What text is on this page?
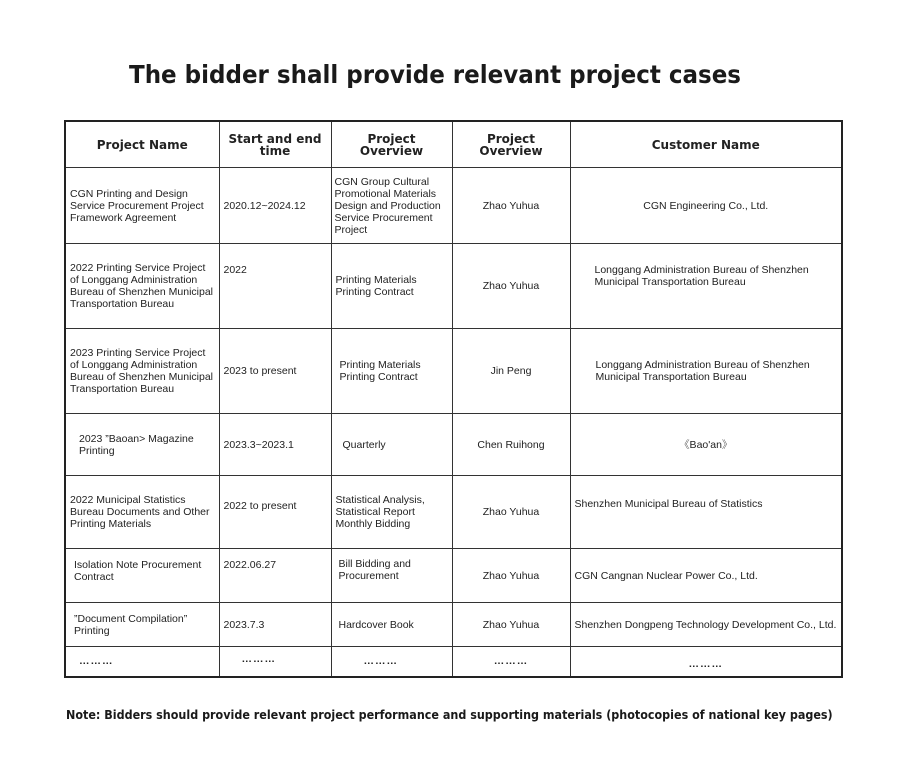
The bidder shall provide relevant project cases
Project Name	Start and end time	Project Overview	Project Overview	Customer Name
CGN Printing and Design Service Procurement Project Framework Agreement	2020.12~2024.12	CGN Group Cultural Promotional Materials Design and Production Service Procurement Project	Zhao Yuhua	CGN Engineering Co., Ltd.
2022 Printing Service Project of Longgang Administration Bureau of Shenzhen Municipal Transportation Bureau	2022	Printing Materials Printing Contract	Zhao Yuhua	Longgang Administration Bureau of Shenzhen Municipal Transportation Bureau
2023 Printing Service Project of Longgang Administration Bureau of Shenzhen Municipal Transportation Bureau	2023 to present	Printing Materials Printing Contract	Jin Peng	Longgang Administration Bureau of Shenzhen Municipal Transportation Bureau
2023 ”Baoan> Magazine Printing	2023.3~2023.1	Quarterly	Chen Ruihong	《Bao'an》
2022 Municipal Statistics Bureau Documents and Other Printing Materials	2022 to present	Statistical Analysis, Statistical Report Monthly Bidding	Zhao Yuhua	Shenzhen Municipal Bureau of Statistics
Isolation Note Procurement Contract	2022.06.27	Bill Bidding and Procurement	Zhao Yuhua	CGN Cangnan Nuclear Power Co., Ltd.
”Document Compilation” Printing	2023.7.3	Hardcover Book	Zhao Yuhua	Shenzhen Dongpeng Technology Development Co., Ltd.
………	………	………	………	………
Note: Bidders should provide relevant project performance and supporting materials (photocopies of national key pages)
